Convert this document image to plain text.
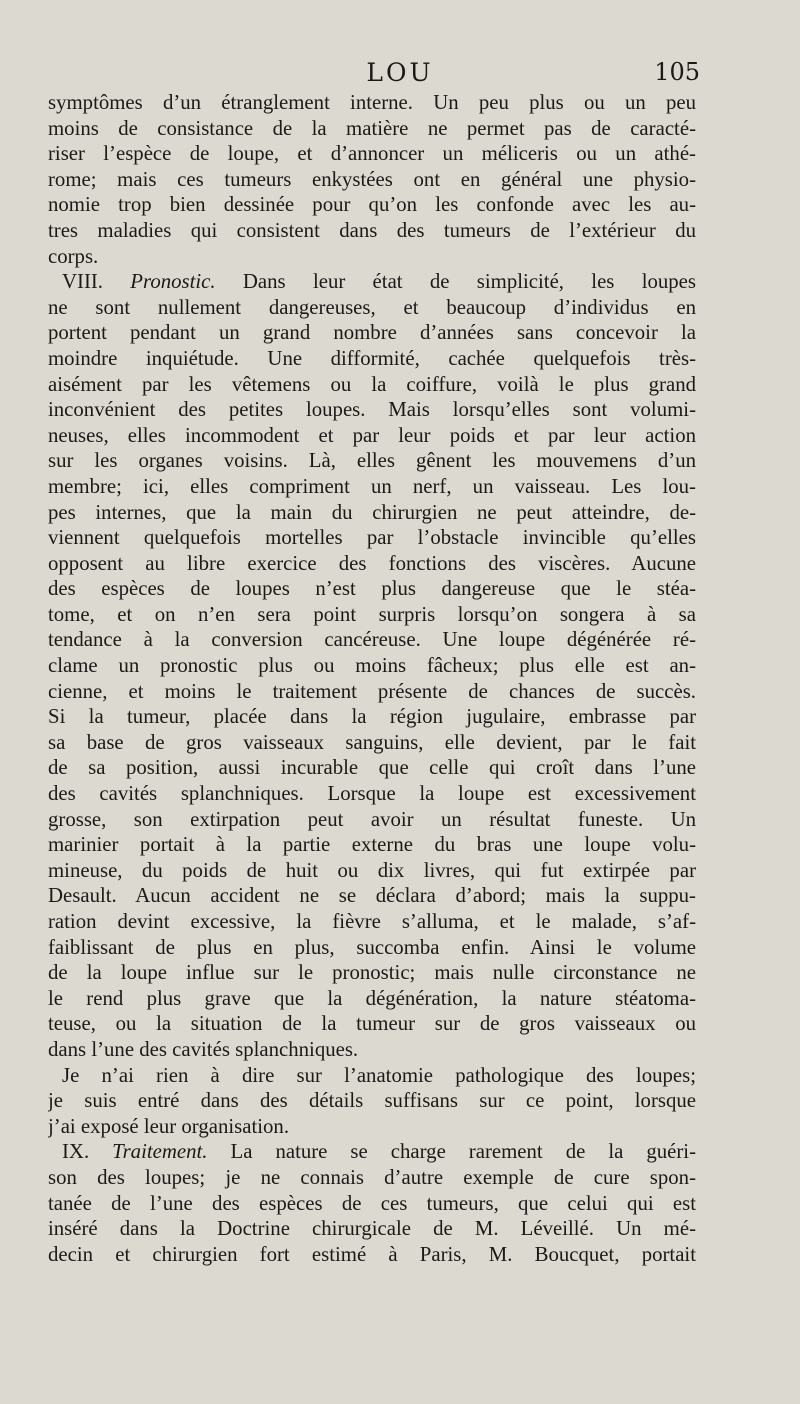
LOU	105
symptômes d’un étranglement interne. Un peu plus ou un peu
moins de consistance de la matière ne permet pas de caracté-
riser l’espèce de loupe, et d’annoncer un méliceris ou un athé-
rome; mais ces tumeurs enkystées ont en général une physio-
nomie trop bien dessinée pour qu’on les confonde avec les au-
tres maladies qui consistent dans des tumeurs de l’extérieur du
corps.
VIII. Pronostic. Dans leur état de simplicité, les loupes
ne sont nullement dangereuses, et beaucoup d’individus en
portent pendant un grand nombre d’années sans concevoir la
moindre inquiétude. Une difformité, cachée quelquefois très-
aisément par les vêtemens ou la coiffure, voilà le plus grand
inconvénient des petites loupes. Mais lorsqu’elles sont volumi-
neuses, elles incommodent et par leur poids et par leur action
sur les organes voisins. Là, elles gênent les mouvemens d’un
membre; ici, elles compriment un nerf, un vaisseau. Les lou-
pes internes, que la main du chirurgien ne peut atteindre, de-
viennent quelquefois mortelles par l’obstacle invincible qu’elles
opposent au libre exercice des fonctions des viscères. Aucune
des espèces de loupes n’est plus dangereuse que le stéa-
tome, et on n’en sera point surpris lorsqu’on songera à sa
tendance à la conversion cancéreuse. Une loupe dégénérée ré-
clame un pronostic plus ou moins fâcheux; plus elle est an-
cienne, et moins le traitement présente de chances de succès.
Si la tumeur, placée dans la région jugulaire, embrasse par
sa base de gros vaisseaux sanguins, elle devient, par le fait
de sa position, aussi incurable que celle qui croît dans l’une
des cavités splanchniques. Lorsque la loupe est excessivement
grosse, son extirpation peut avoir un résultat funeste. Un
marinier portait à la partie externe du bras une loupe volu-
mineuse, du poids de huit ou dix livres, qui fut extirpée par
Desault. Aucun accident ne se déclara d’abord; mais la suppu-
ration devint excessive, la fièvre s’alluma, et le malade, s’af-
faiblissant de plus en plus, succomba enfin. Ainsi le volume
de la loupe influe sur le pronostic; mais nulle circonstance ne
le rend plus grave que la dégénération, la nature stéatoma-
teuse, ou la situation de la tumeur sur de gros vaisseaux ou
dans l’une des cavités splanchniques.
Je n’ai rien à dire sur l’anatomie pathologique des loupes;
je suis entré dans des détails suffisans sur ce point, lorsque
j’ai exposé leur organisation.
IX. Traitement. La nature se charge rarement de la guéri-
son des loupes; je ne connais d’autre exemple de cure spon-
tanée de l’une des espèces de ces tumeurs, que celui qui est
inséré dans la Doctrine chirurgicale de M. Léveillé. Un mé-
decin et chirurgien fort estimé à Paris, M. Boucquet, portait
